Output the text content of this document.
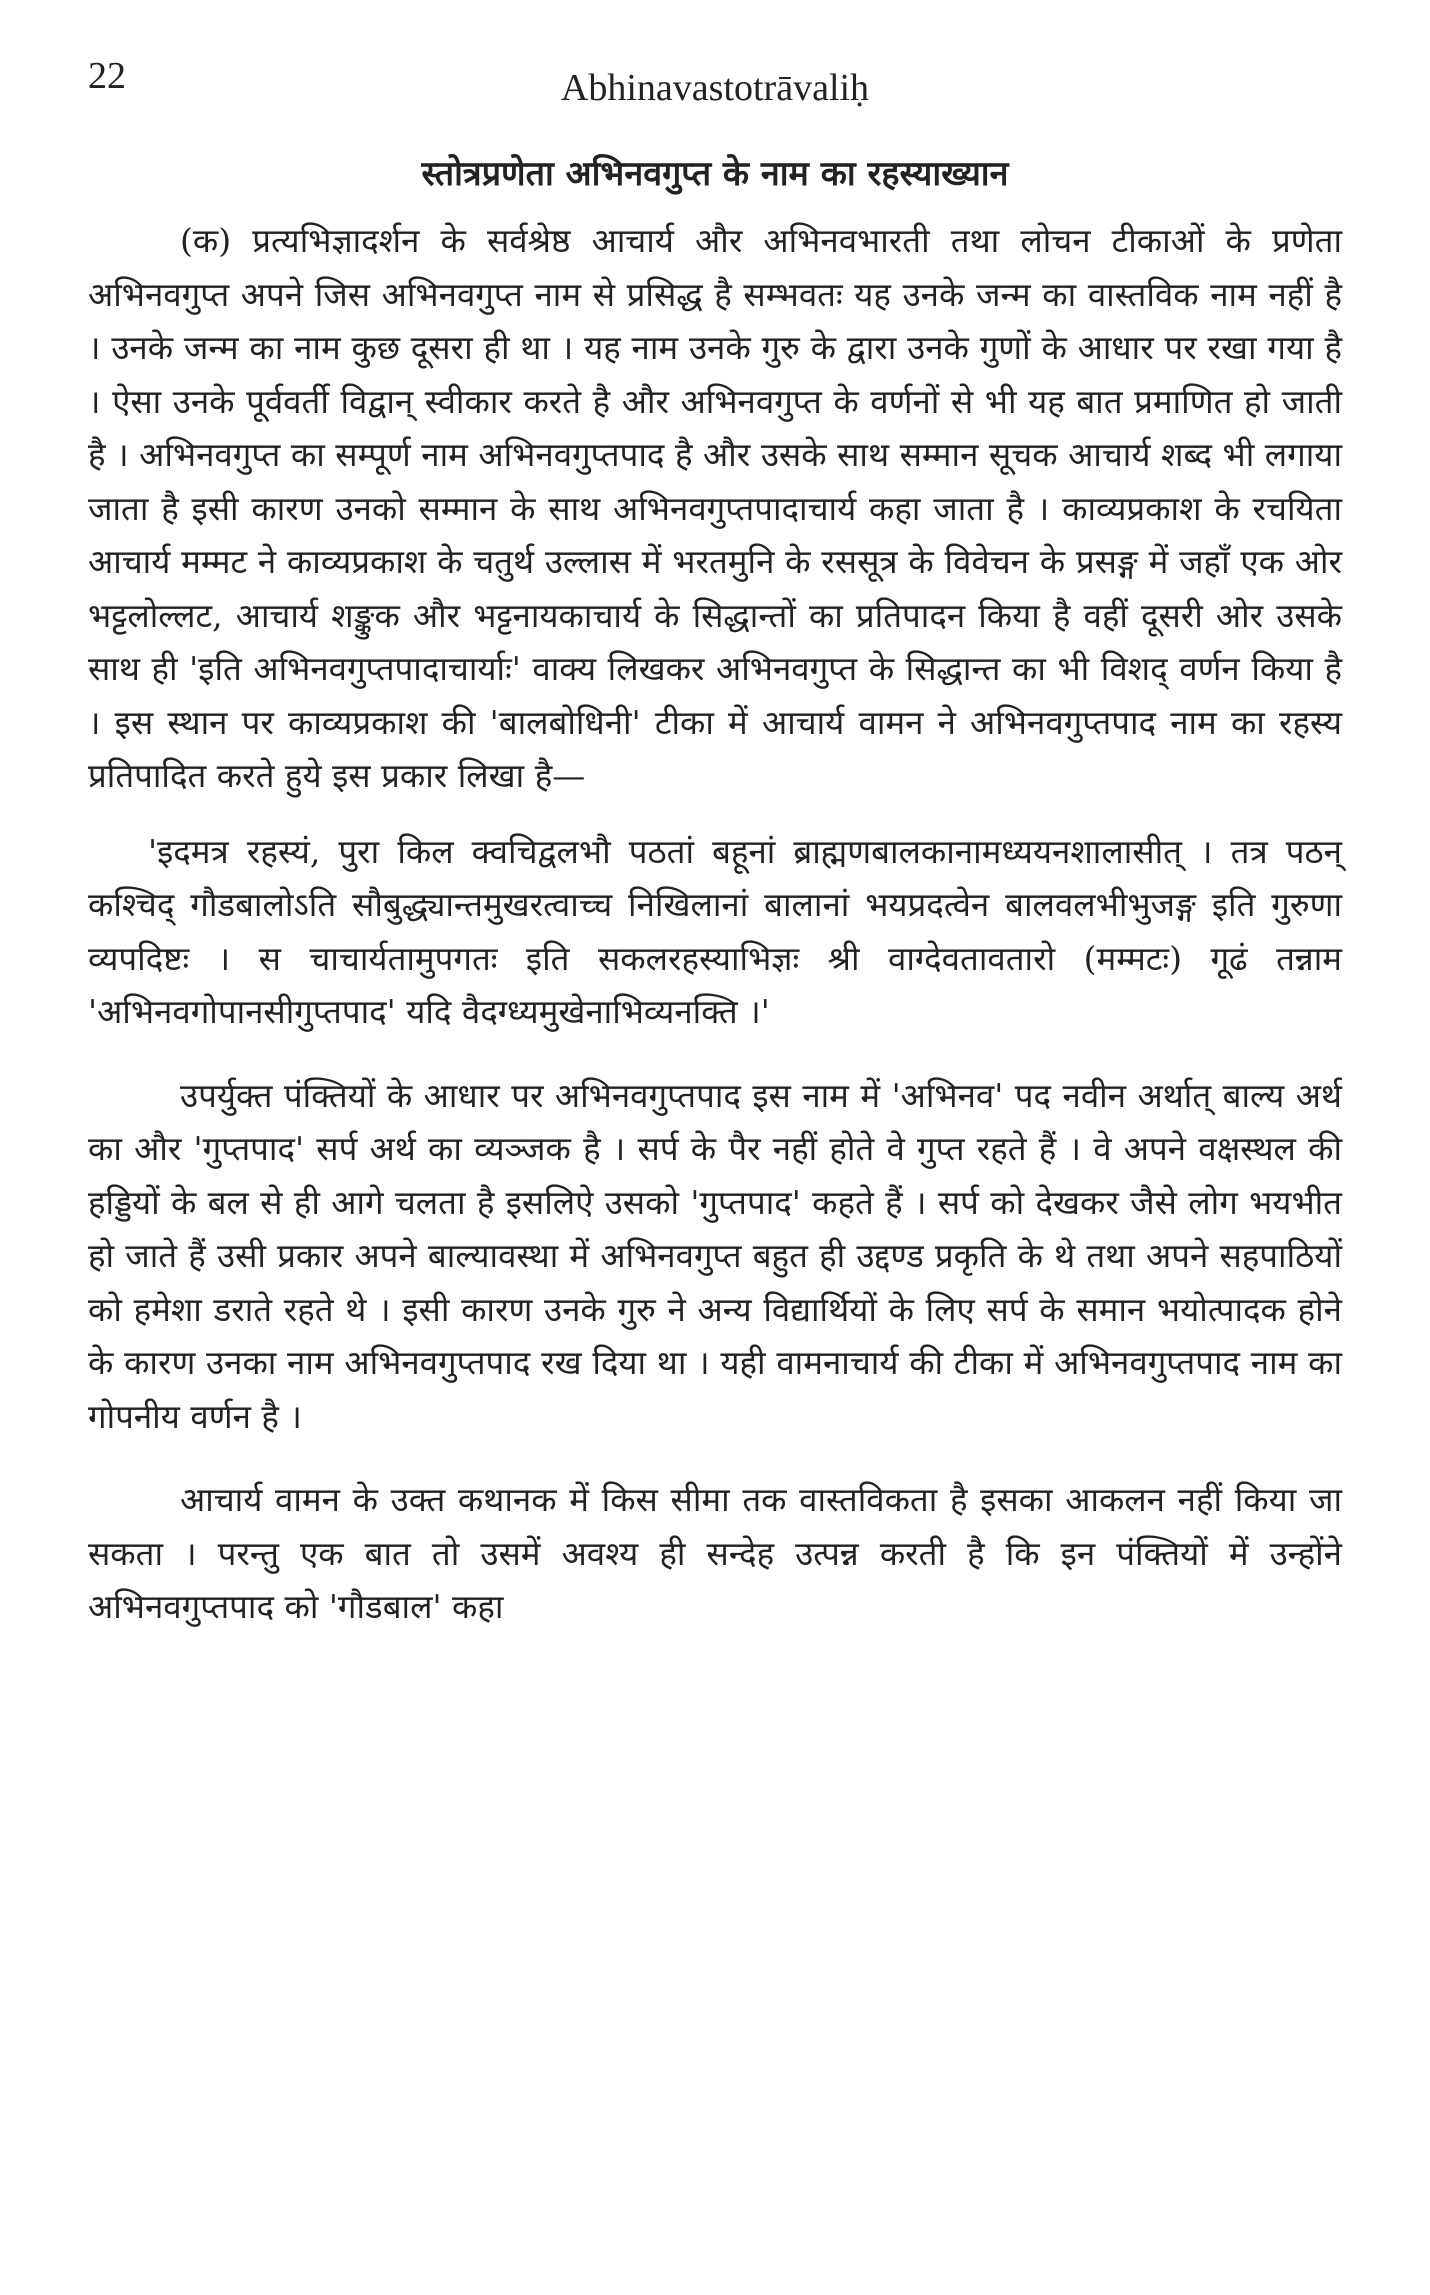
22	Abhinavastotrāvaliḥ
स्तोत्रप्रणेता अभिनवगुप्त के नाम का रहस्याख्यान

(क) प्रत्यभिज्ञादर्शन के सर्वश्रेष्ठ आचार्य और अभिनवभारती तथा लोचन टीकाओं के प्रणेता अभिनवगुप्त अपने जिस अभिनवगुप्त नाम से प्रसिद्ध है सम्भवतः यह उनके जन्म का वास्तविक नाम नहीं है । उनके जन्म का नाम कुछ दूसरा ही था । यह नाम उनके गुरु के द्वारा उनके गुणों के आधार पर रखा गया है । ऐसा उनके पूर्ववर्ती विद्वान् स्वीकार करते है और अभिनवगुप्त के वर्णनों से भी यह बात प्रमाणित हो जाती है । अभिनवगुप्त का सम्पूर्ण नाम अभिनवगुप्तपाद है और उसके साथ सम्मान सूचक आचार्य शब्द भी लगाया जाता है इसी कारण उनको सम्मान के साथ अभिनवगुप्तपादाचार्य कहा जाता है । काव्यप्रकाश के रचयिता आचार्य मम्मट ने काव्यप्रकाश के चतुर्थ उल्लास में भरतमुनि के रससूत्र के विवेचन के प्रसङ्ग में जहाँ एक ओर भट्टलोल्लट, आचार्य शङ्कुक और भट्टनायकाचार्य के सिद्धान्तों का प्रतिपादन किया है वहीं दूसरी ओर उसके साथ ही 'इति अभिनवगुप्तपादाचार्याः' वाक्य लिखकर अभिनवगुप्त के सिद्धान्त का भी विशद् वर्णन किया है । इस स्थान पर काव्यप्रकाश की 'बालबोधिनी' टीका में आचार्य वामन ने अभिनवगुप्तपाद नाम का रहस्य प्रतिपादित करते हुये इस प्रकार लिखा है—

'इदमत्र रहस्यं, पुरा किल क्वचिद्वलभौ पठतां बहूनां ब्राह्मणबालकानामध्ययनशालासीत् । तत्र पठन् कश्चिद् गौडबालोऽति सौबुद्ध्यान्तमुखरत्वाच्च निखिलानां बालानां भयप्रदत्वेन बालवलभीभुजङ्ग इति गुरुणा व्यपदिष्टः । स चाचार्यतामुपगतः इति सकलरहस्याभिज्ञः श्री वाग्देवतावतारो (मम्मटः) गूढं तन्नाम 'अभिनवगोपानसीगुप्तपाद' यदि वैदग्ध्यमुखेनाभिव्यनक्ति ।'

उपर्युक्त पंक्तियों के आधार पर अभिनवगुप्तपाद इस नाम में 'अभिनव' पद नवीन अर्थात् बाल्य अर्थ का और 'गुप्तपाद' सर्प अर्थ का व्यञ्जक है । सर्प के पैर नहीं होते वे गुप्त रहते हैं । वे अपने वक्षस्थल की हड्डियों के बल से ही आगे चलता है इसलिऐ उसको 'गुप्तपाद' कहते हैं । सर्प को देखकर जैसे लोग भयभीत हो जाते हैं उसी प्रकार अपने बाल्यावस्था में अभिनवगुप्त बहुत ही उद्दण्ड प्रकृति के थे तथा अपने सहपाठियों को हमेशा डराते रहते थे । इसी कारण उनके गुरु ने अन्य विद्यार्थियों के लिए सर्प के समान भयोत्पादक होने के कारण उनका नाम अभिनवगुप्तपाद रख दिया था । यही वामनाचार्य की टीका में अभिनवगुप्तपाद नाम का गोपनीय वर्णन है ।

आचार्य वामन के उक्त कथानक में किस सीमा तक वास्तविकता है इसका आकलन नहीं किया जा सकता । परन्तु एक बात तो उसमें अवश्य ही सन्देह उत्पन्न करती है कि इन पंक्तियों में उन्होंने अभिनवगुप्तपाद को 'गौडबाल' कहा
